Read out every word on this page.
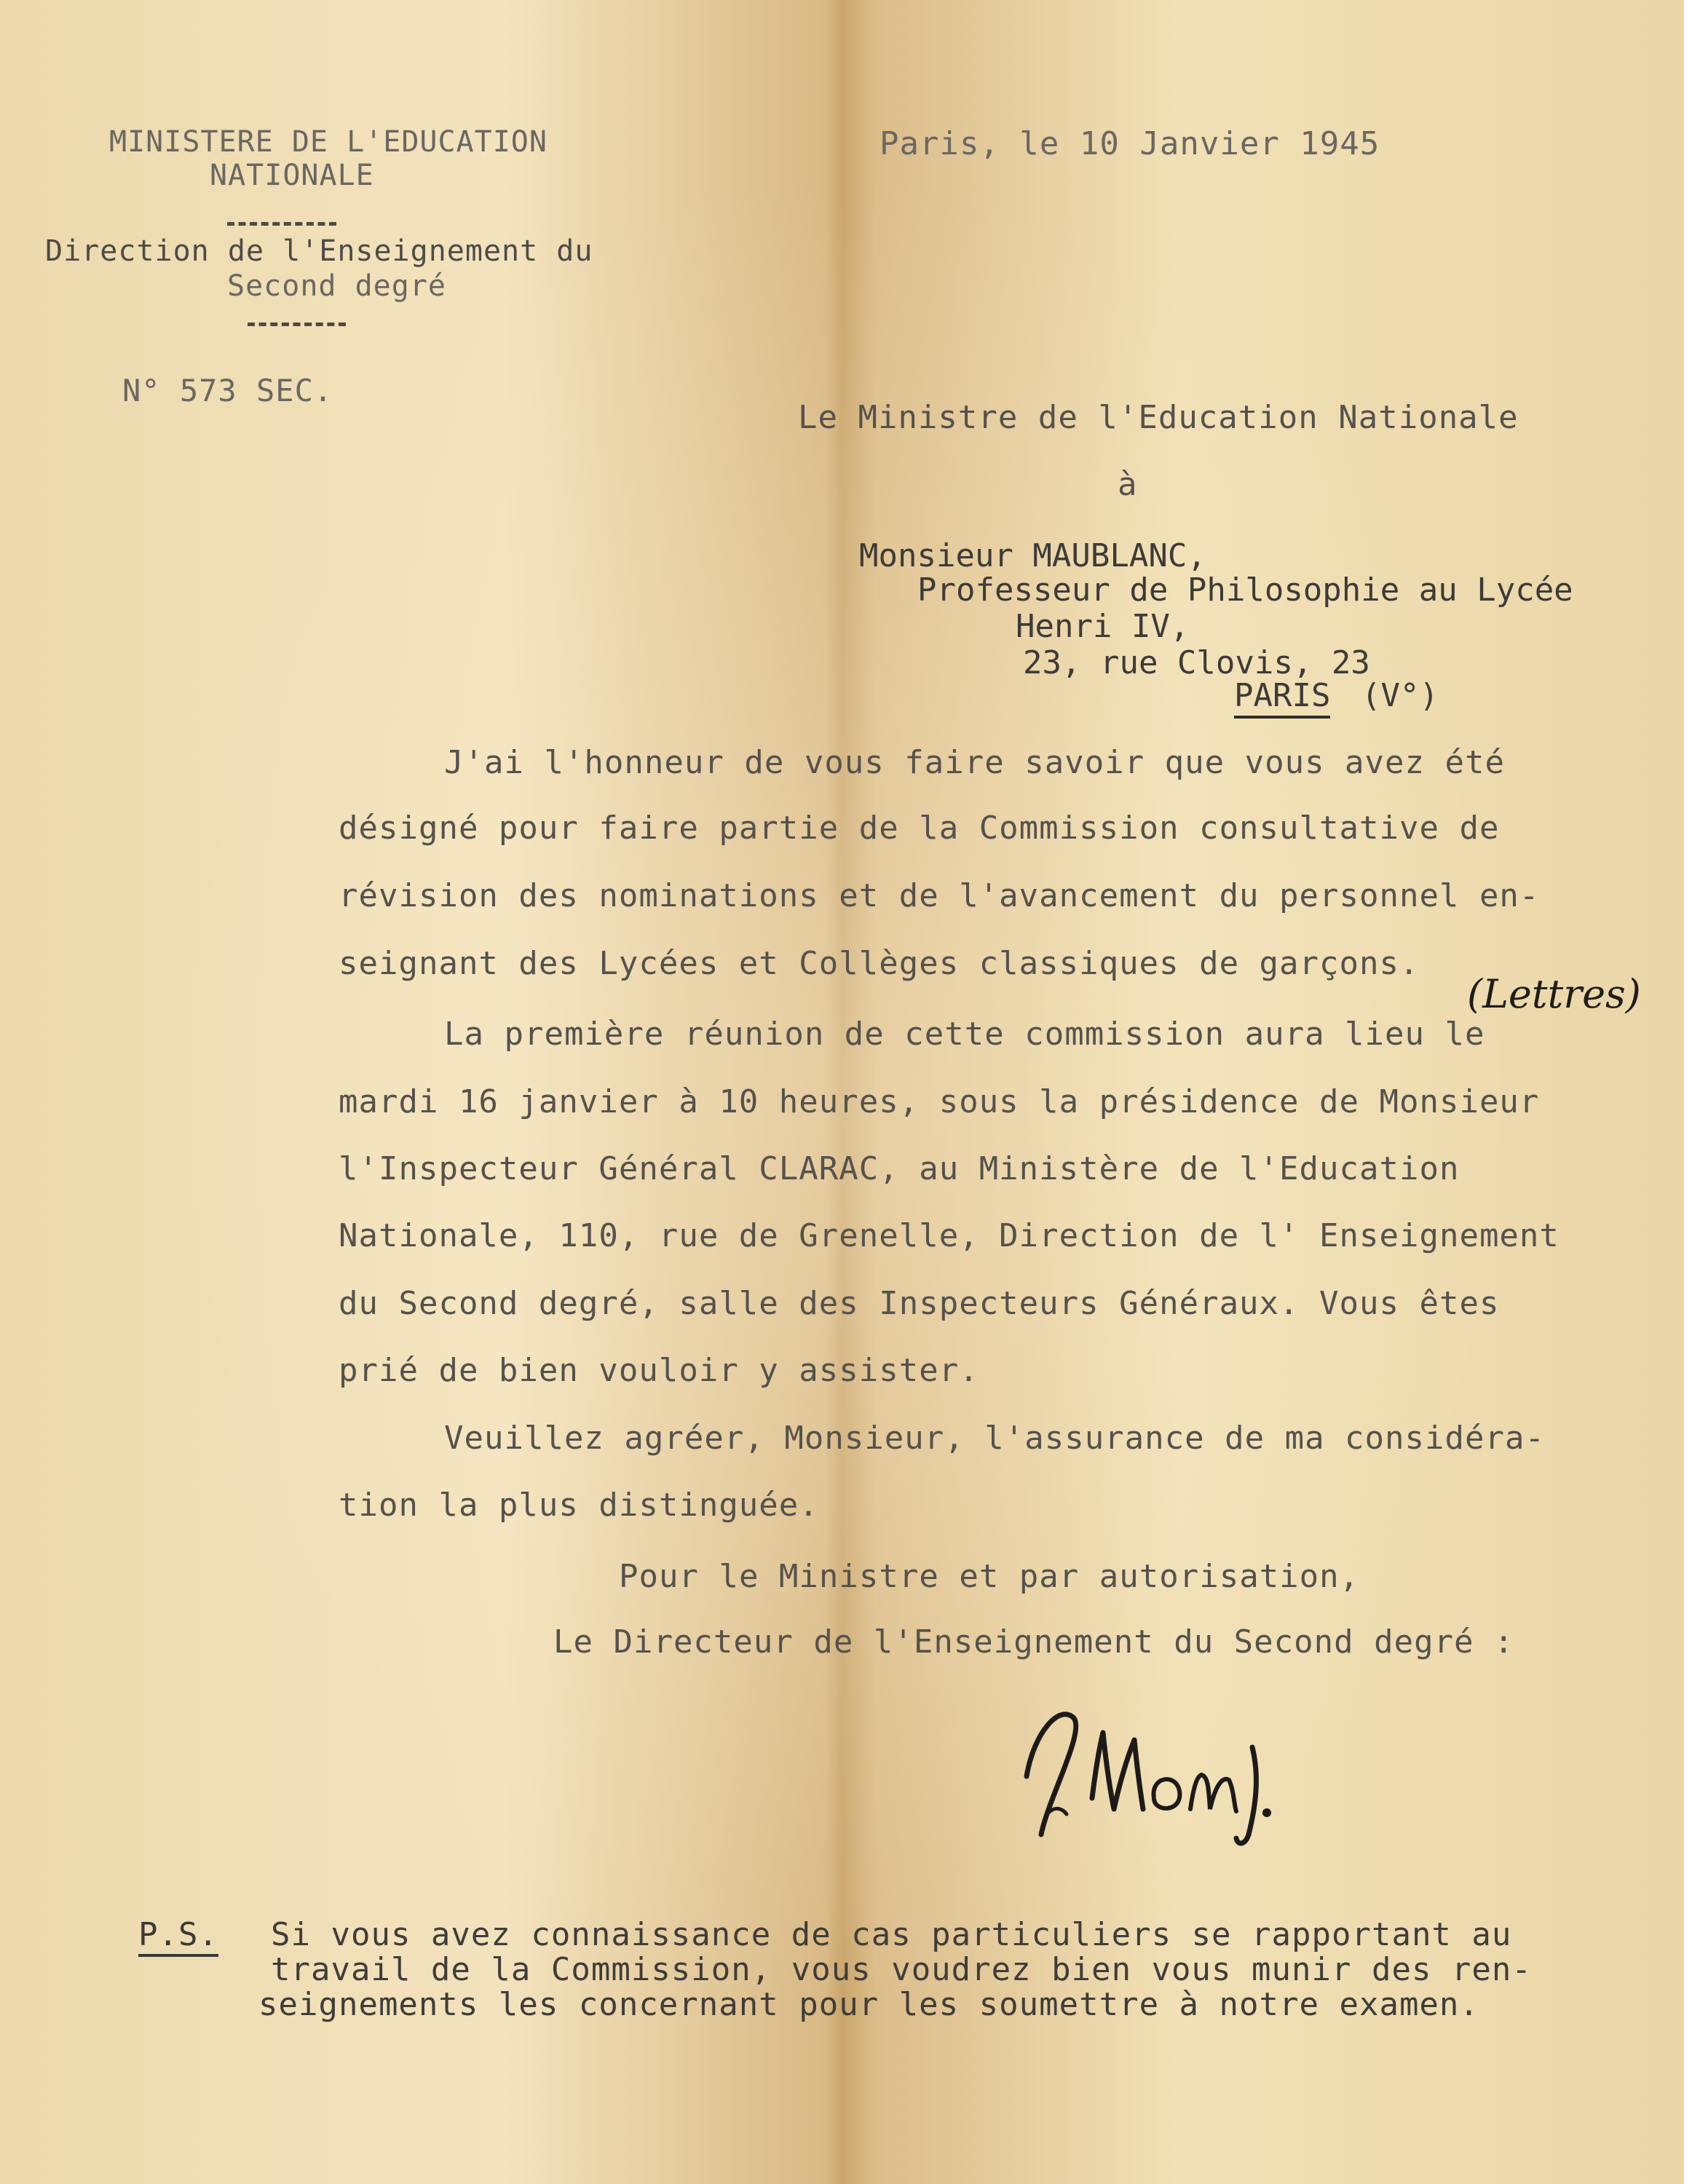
MINISTERE DE L'EDUCATION

NATIONALE

Direction de l'Enseignement du

Second degré

N° 573 SEC.

Paris, le 10 Janvier 1945

Le Ministre de l'Education Nationale

à

Monsieur MAUBLANC,

Professeur de Philosophie au Lycée

Henri IV,

23, rue Clovis, 23

PARIS (V°)

J'ai l'honneur de vous faire savoir que vous avez été

désigné pour faire partie de la Commission consultative de

révision des nominations et de l'avancement du personnel en-

seignant des Lycées et Collèges classiques de garçons.

(Lettres)

La première réunion de cette commission aura lieu le

mardi 16 janvier à 10 heures, sous la présidence de Monsieur

l'Inspecteur Général CLARAC, au Ministère de l'Education

Nationale, 110, rue de Grenelle, Direction de l' Enseignement

du Second degré, salle des Inspecteurs Généraux. Vous êtes

prié de bien vouloir y assister.

Veuillez agréer, Monsieur, l'assurance de ma considéra-

tion la plus distinguée.

Pour le Ministre et par autorisation,

Le Directeur de l'Enseignement du Second degré :

P.S. Si vous avez connaissance de cas particuliers se rapportant au

travail de la Commission, vous voudrez bien vous munir des ren-

seignements les concernant pour les soumettre à notre examen.
